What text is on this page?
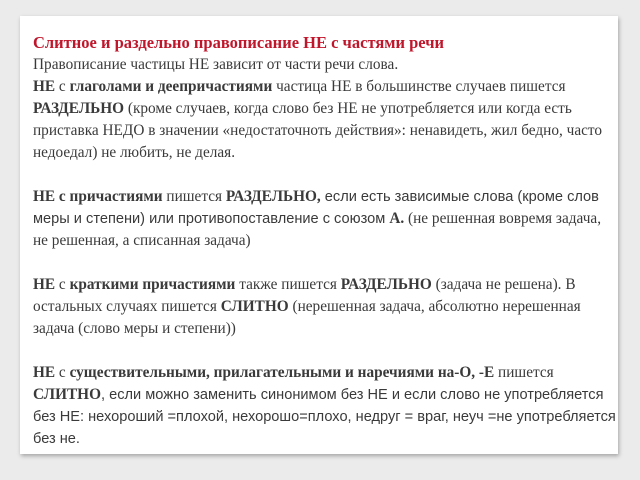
Слитное и раздельно правописание НЕ с частями речи

Правописание частицы НЕ зависит от части речи слова.

НЕ с глаголами и деепричастиями частица НЕ в большинстве случаев пишется РАЗДЕЛЬНО (кроме случаев, когда слово без НЕ не употребляется или когда есть приставка НЕДО в значении «недостаточноть действия»: ненавидеть, жил бедно, часто недоедал) не любить, не делая.

НЕ с причастиями пишется РАЗДЕЛЬНО, если есть зависимые слова (кроме слов меры и степени) или противопоставление с союзом А. (не решенная вовремя задача, не решенная, а списанная задача)

НЕ с краткими причастиями также пишется РАЗДЕЛЬНО (задача не решена). В остальных случаях пишется СЛИТНО (нерешенная задача, абсолютно нерешенная задача (слово меры и степени))

НЕ с существительными, прилагательными и наречиями на-О, -Е пишется СЛИТНО, если можно заменить синонимом без НЕ и если слово не употребляется без НЕ: нехороший =плохой, нехорошо=плохо, недруг = враг, неуч =не употребляется без не.
